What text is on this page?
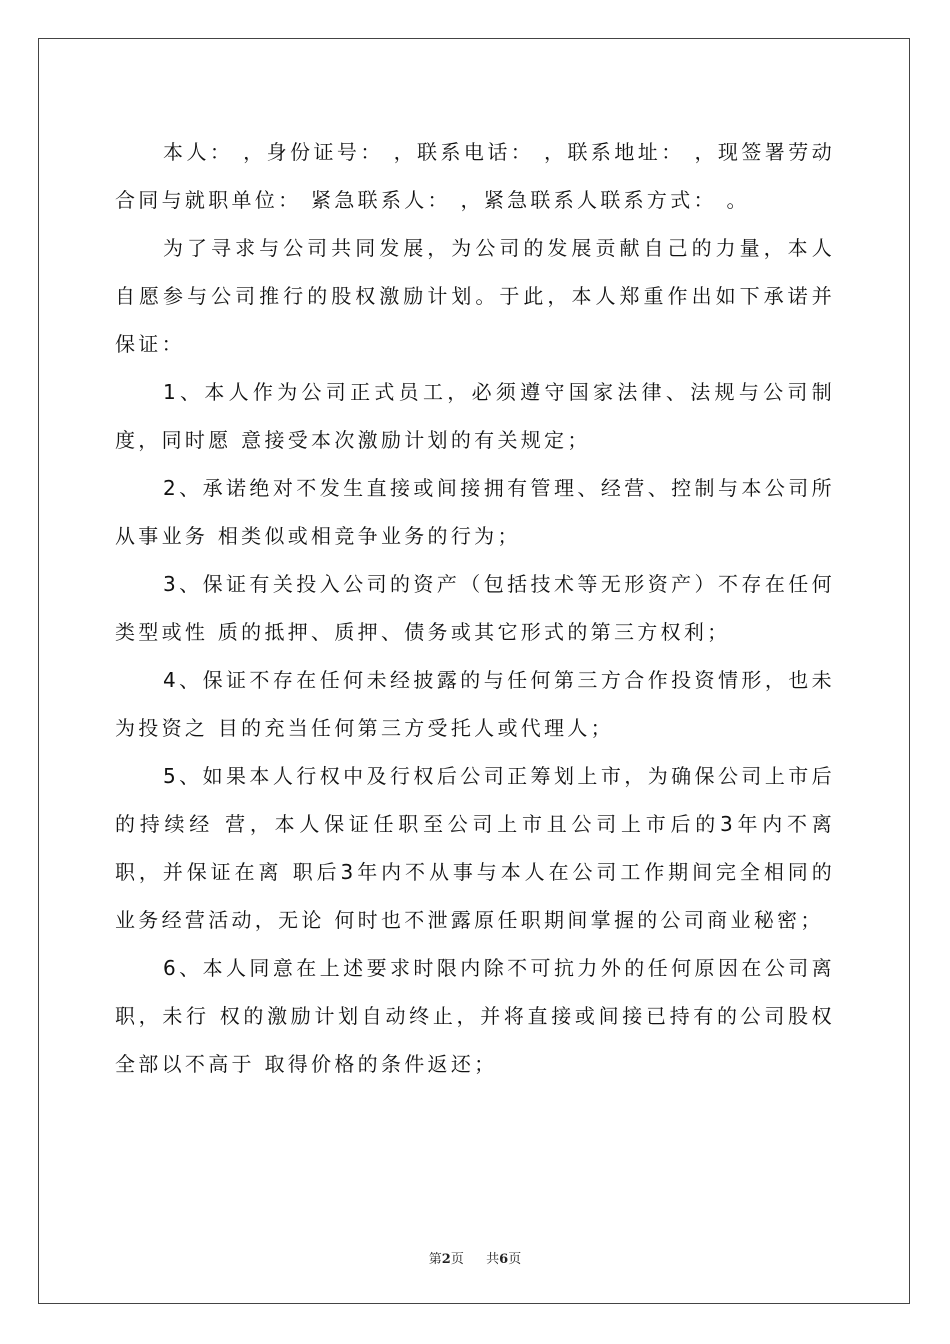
本人： ，身份证号： ，联系电话： ，联系地址： ，现签署劳动合同与就职单位： 紧急联系人： ，紧急联系人联系方式： 。

为了寻求与公司共同发展，为公司的发展贡献自己的力量，本人自愿参与公司推行的股权激励计划。于此，本人郑重作出如下承诺并保证：

1、本人作为公司正式员工，必须遵守国家法律、法规与公司制度，同时愿 意接受本次激励计划的有关规定；

2、承诺绝对不发生直接或间接拥有管理、经营、控制与本公司所从事业务 相类似或相竞争业务的行为；

3、保证有关投入公司的资产（包括技术等无形资产）不存在任何类型或性 质的抵押、质押、债务或其它形式的第三方权利；

4、保证不存在任何未经披露的与任何第三方合作投资情形，也未为投资之 目的充当任何第三方受托人或代理人；

5、如果本人行权中及行权后公司正筹划上市，为确保公司上市后的持续经 营，本人保证任职至公司上市且公司上市后的3年内不离职，并保证在离 职后3年内不从事与本人在公司工作期间完全相同的业务经营活动，无论 何时也不泄露原任职期间掌握的公司商业秘密；

6、本人同意在上述要求时限内除不可抗力外的任何原因在公司离职，未行 权的激励计划自动终止，并将直接或间接已持有的公司股权全部以不高于 取得价格的条件返还；

第2页 共6页
